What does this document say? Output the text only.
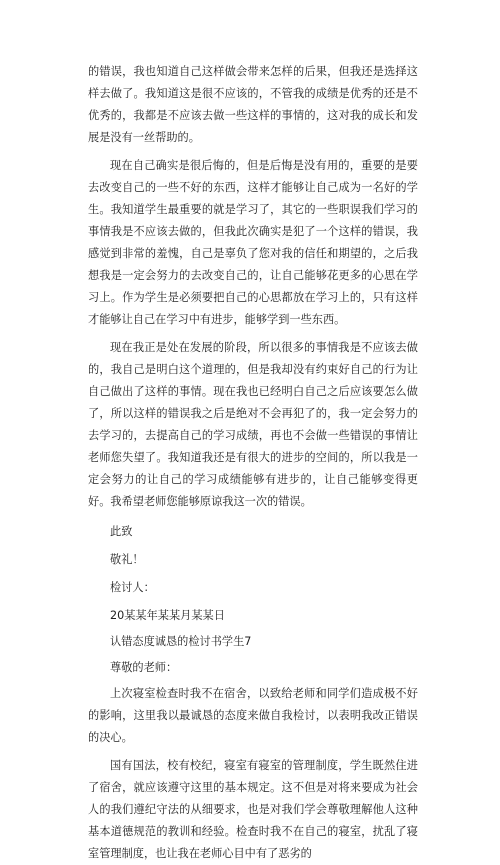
的错误，我也知道自己这样做会带来怎样的后果，但我还是选择这样去做了。我知道这是很不应该的，不管我的成绩是优秀的还是不优秀的，我都是不应该去做一些这样的事情的，这对我的成长和发展是没有一丝帮助的。

现在自己确实是很后悔的，但是后悔是没有用的，重要的是要去改变自己的一些不好的东西，这样才能够让自己成为一名好的学生。我知道学生最重要的就是学习了，其它的一些职误我们学习的事情我是不应该去做的，但我此次确实是犯了一个这样的错误，我感觉到非常的羞愧，自己是辜负了您对我的信任和期望的，之后我想我是一定会努力的去改变自己的，让自己能够花更多的心思在学习上。作为学生是必须要把自己的心思都放在学习上的，只有这样才能够让自己在学习中有进步，能够学到一些东西。

现在我正是处在发展的阶段，所以很多的事情我是不应该去做的，我自己是明白这个道理的，但是我却没有约束好自己的行为让自己做出了这样的事情。现在我也已经明白自己之后应该要怎么做了，所以这样的错误我之后是绝对不会再犯了的，我一定会努力的去学习的，去提高自己的学习成绩，再也不会做一些错误的事情让老师您失望了。我知道我还是有很大的进步的空间的，所以我是一定会努力的让自己的学习成绩能够有进步的，让自己能够变得更好。我希望老师您能够原谅我这一次的错误。

此致

敬礼！

检讨人：

20某某年某某月某某日

认错态度诚恳的检讨书学生7

尊敬的老师：

上次寝室检查时我不在宿舍，以致给老师和同学们造成极不好的影响，这里我以最诚恳的态度来做自我检讨，以表明我改正错误的决心。

国有国法，校有校纪，寝室有寝室的管理制度，学生既然住进了宿舍，就应该遵守这里的基本规定。这不但是对将来要成为社会人的我们遵纪守法的从细要求，也是对我们学会尊敬理解他人这种基本道德规范的教训和经验。检查时我不在自己的寝室，扰乱了寝室管理制度，也让我在老师心目中有了恶劣的
